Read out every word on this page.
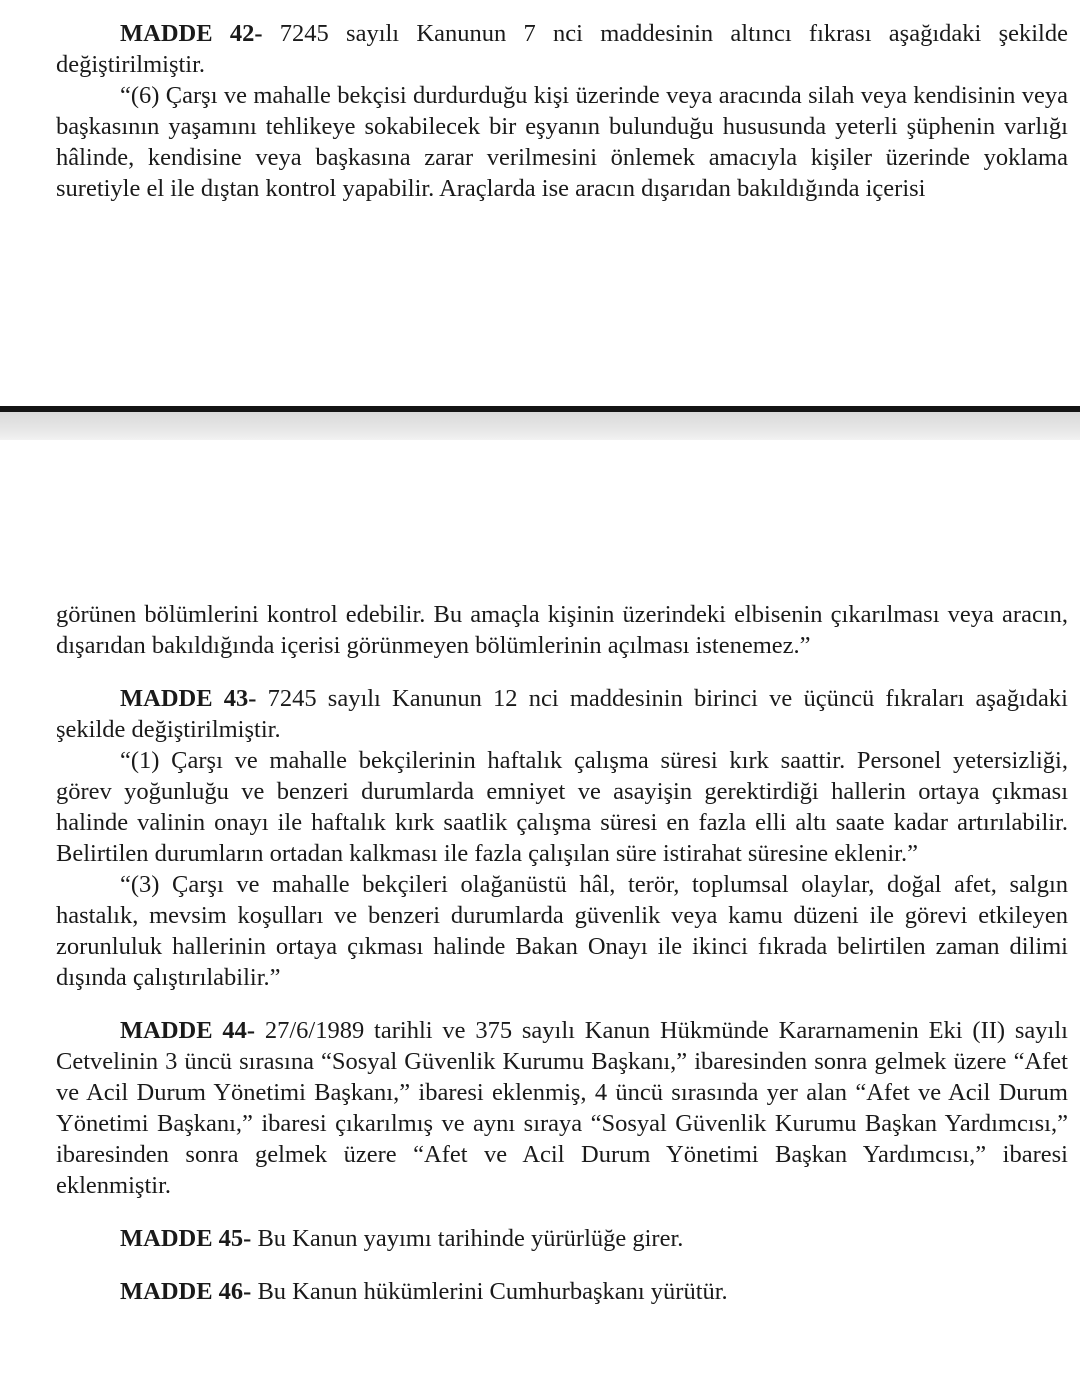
MADDE 42- 7245 sayılı Kanunun 7 nci maddesinin altıncı fıkrası aşağıdaki şekilde değiştirilmiştir.

“(6) Çarşı ve mahalle bekçisi durdurduğu kişi üzerinde veya aracında silah veya kendisinin veya başkasının yaşamını tehlikeye sokabilecek bir eşyanın bulunduğu hususunda yeterli şüphenin varlığı hâlinde, kendisine veya başkasına zarar verilmesini önlemek amacıyla kişiler üzerinde yoklama suretiyle el ile dıştan kontrol yapabilir. Araçlarda ise aracın dışarıdan bakıldığında içerisi

görünen bölümlerini kontrol edebilir. Bu amaçla kişinin üzerindeki elbisenin çıkarılması veya aracın, dışarıdan bakıldığında içerisi görünmeyen bölümlerinin açılması istenemez.”

MADDE 43- 7245 sayılı Kanunun 12 nci maddesinin birinci ve üçüncü fıkraları aşağıdaki şekilde değiştirilmiştir.

“(1) Çarşı ve mahalle bekçilerinin haftalık çalışma süresi kırk saattir. Personel yetersizliği, görev yoğunluğu ve benzeri durumlarda emniyet ve asayişin gerektirdiği hallerin ortaya çıkması halinde valinin onayı ile haftalık kırk saatlik çalışma süresi en fazla elli altı saate kadar artırılabilir. Belirtilen durumların ortadan kalkması ile fazla çalışılan süre istirahat süresine eklenir.”

“(3) Çarşı ve mahalle bekçileri olağanüstü hâl, terör, toplumsal olaylar, doğal afet, salgın hastalık, mevsim koşulları ve benzeri durumlarda güvenlik veya kamu düzeni ile görevi etkileyen zorunluluk hallerinin ortaya çıkması halinde Bakan Onayı ile ikinci fıkrada belirtilen zaman dilimi dışında çalıştırılabilir.”

MADDE 44- 27/6/1989 tarihli ve 375 sayılı Kanun Hükmünde Kararnamenin Eki (II) sayılı Cetvelinin 3 üncü sırasına “Sosyal Güvenlik Kurumu Başkanı,” ibaresinden sonra gelmek üzere “Afet ve Acil Durum Yönetimi Başkanı,” ibaresi eklenmiş, 4 üncü sırasında yer alan “Afet ve Acil Durum Yönetimi Başkanı,” ibaresi çıkarılmış ve aynı sıraya “Sosyal Güvenlik Kurumu Başkan Yardımcısı,” ibaresinden sonra gelmek üzere “Afet ve Acil Durum Yönetimi Başkan Yardımcısı,” ibaresi eklenmiştir.

MADDE 45- Bu Kanun yayımı tarihinde yürürlüğe girer.

MADDE 46- Bu Kanun hükümlerini Cumhurbaşkanı yürütür.
